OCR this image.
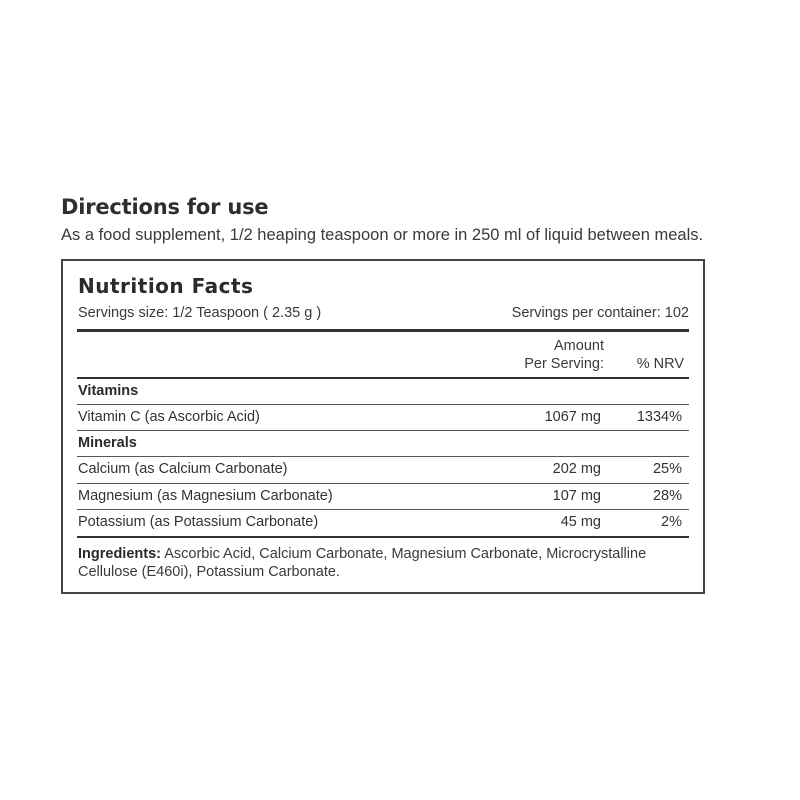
Directions for use
As a food supplement, 1/2 heaping teaspoon or more in 250 ml of liquid between meals.
Nutrition Facts
Servings size: 1/2 Teaspoon ( 2.35 g )	Servings per container: 102
Amount
Per Serving: % NRV
Vitamins
Vitamin C (as Ascorbic Acid)	1067 mg 1334%
Minerals
Calcium (as Calcium Carbonate)	202 mg	25%
Magnesium (as Magnesium Carbonate)	107 mg	28%
Potassium (as Potassium Carbonate)	45 mg	2%
Ingredients: Ascorbic Acid, Calcium Carbonate, Magnesium Carbonate, Microcrystalline Cellulose (E460i), Potassium Carbonate.
